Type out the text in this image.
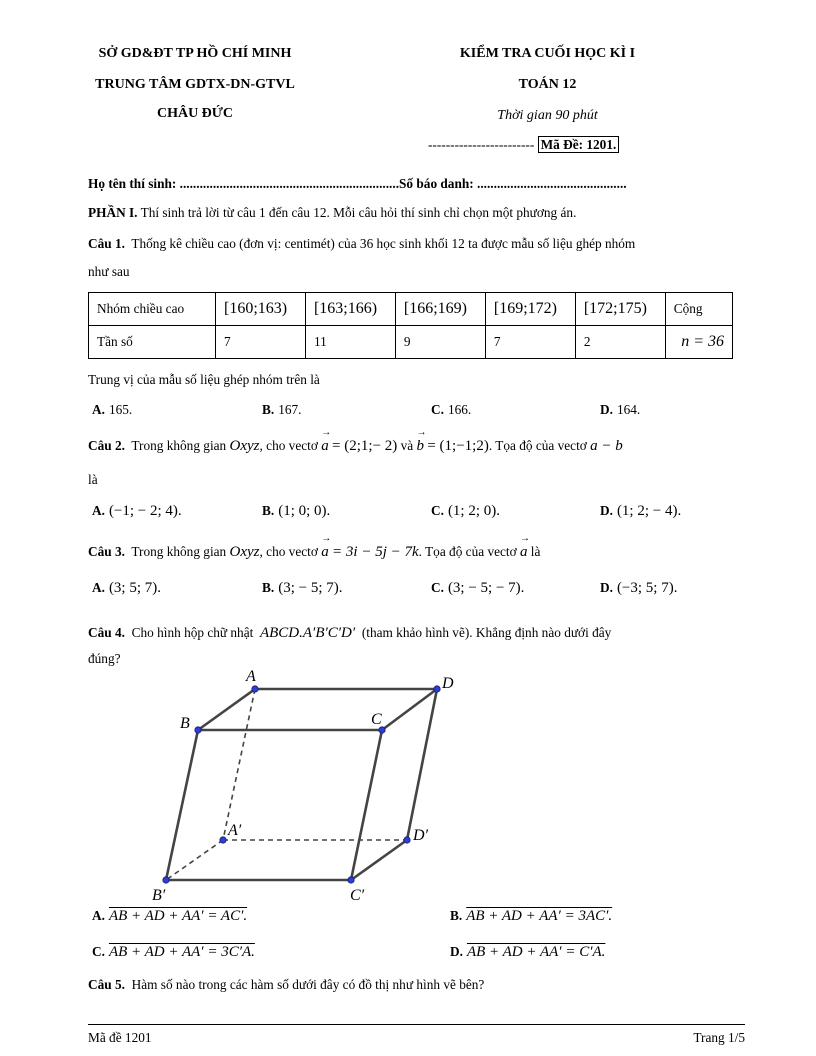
SỞ GD&ĐT TP HỒ CHÍ MINH
TRUNG TÂM GDTX-DN-GTVL
CHÂU ĐỨC
KIỂM TRA CUỐI HỌC KÌ I
TOÁN 12
Thời gian 90 phút
------------------------ Mã Đề: 1201.
Họ tên thí sinh: ..................................................................Số báo danh: .............................................
PHẦN I. Thí sinh trả lời từ câu 1 đến câu 12. Mỗi câu hỏi thí sinh chỉ chọn một phương án.
Câu 1. Thống kê chiều cao (đơn vị: centimét) của 36 học sinh khối 12 ta được mẫu số liệu ghép nhóm
như sau
Nhóm chiều cao	[160;163)	[163;166)	[166;169)	[169;172)	[172;175)	Cộng
Tần số	7	11	9	7	2	n = 36
Trung vị của mẫu số liệu ghép nhóm trên là
A. 165.	B. 167.	C. 166.	D. 164.
Câu 2. Trong không gian Oxyz, cho vectơ → a = (2;1;− 2) và → b = (1;−1;2). Tọa độ của vectơ a − b
là
A. (−1; − 2; 4).	B. (1; 0; 0).	C. (1; 2; 0).	D. (1; 2; − 4).
Câu 3. Trong không gian Oxyz, cho vectơ → a = 3i − 5j − 7k. Tọa độ của vectơ → a là
A. (3; 5; 7).	B. (3; − 5; 7).	C. (3; − 5; − 7).	D. (−3; 5; 7).
Câu 4. Cho hình hộp chữ nhật ABCD.A′B′C′D′ (tham khảo hình vẽ). Khẳng định nào dưới đây
đúng?
A	D
B	C
A′	D′
B′	C′
A. AB + AD + AA′ = AC′.	B. AB + AD + AA′ = 3AC′.
C. AB + AD + AA′ = 3C′A.	D. AB + AD + AA′ = C′A.
Câu 5. Hàm số nào trong các hàm số dưới đây có đồ thị như hình vẽ bên?
Mã đề 1201	Trang 1/5
